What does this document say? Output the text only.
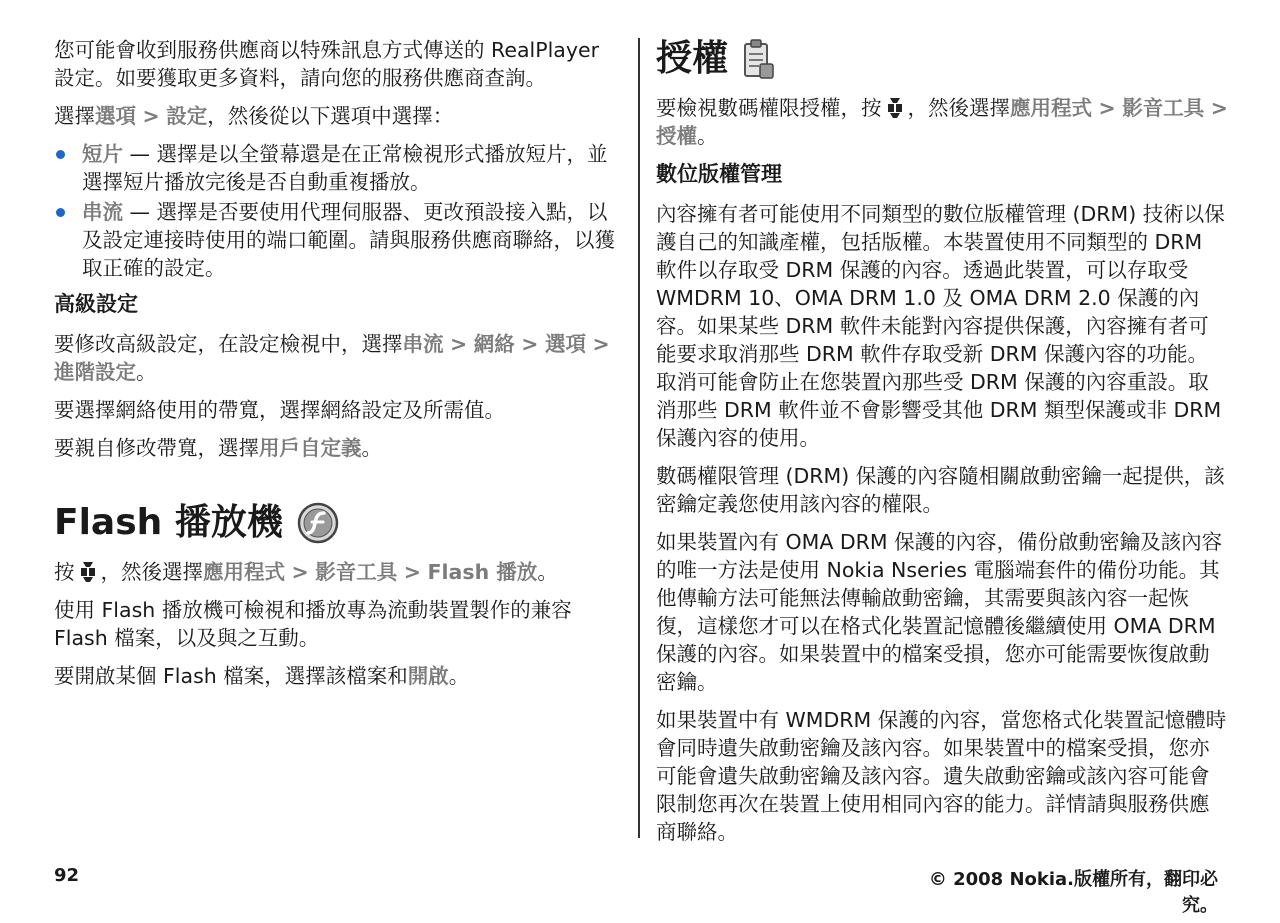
您可能會收到服務供應商以特殊訊息方式傳送的 RealPlayer 設定。如要獲取更多資料，請向您的服務供應商查詢。

選擇選項 > 設定，然後從以下選項中選擇：

短片 — 選擇是以全螢幕還是在正常檢視形式播放短片，並選擇短片播放完後是否自動重複播放。
串流 — 選擇是否要使用代理伺服器、更改預設接入點，以及設定連接時使用的端口範圍。請與服務供應商聯絡，以獲取正確的設定。
高級設定

要修改高級設定，在設定檢視中，選擇串流 > 網絡 > 選項 > 進階設定。

要選擇網絡使用的帶寬，選擇網絡設定及所需值。

要親自修改帶寬，選擇用戶自定義。

Flash 播放機

按 ，然後選擇應用程式 > 影音工具 > Flash 播放。

使用 Flash 播放機可檢視和播放專為流動裝置製作的兼容 Flash 檔案，以及與之互動。

要開啟某個 Flash 檔案，選擇該檔案和開啟。

授權

要檢視數碼權限授權，按 ，然後選擇應用程式 > 影音工具 > 授權。

數位版權管理

內容擁有者可能使用不同類型的數位版權管理 (DRM) 技術以保護自己的知識產權，包括版權。本裝置使用不同類型的 DRM 軟件以存取受 DRM 保護的內容。透過此裝置，可以存取受 WMDRM 10、OMA DRM 1.0 及 OMA DRM 2.0 保護的內容。如果某些 DRM 軟件未能對內容提供保護，內容擁有者可能要求取消那些 DRM 軟件存取受新 DRM 保護內容的功能。取消可能會防止在您裝置內那些受 DRM 保護的內容重設。取消那些 DRM 軟件並不會影響受其他 DRM 類型保護或非 DRM 保護內容的使用。

數碼權限管理 (DRM) 保護的內容隨相關啟動密鑰一起提供，該密鑰定義您使用該內容的權限。

如果裝置內有 OMA DRM 保護的內容，備份啟動密鑰及該內容的唯一方法是使用 Nokia Nseries 電腦端套件的備份功能。其他傳輸方法可能無法傳輸啟動密鑰，其需要與該內容一起恢復，這樣您才可以在格式化裝置記憶體後繼續使用 OMA DRM 保護的內容。如果裝置中的檔案受損，您亦可能需要恢復啟動密鑰。

如果裝置中有 WMDRM 保護的內容，當您格式化裝置記憶體時會同時遺失啟動密鑰及該內容。如果裝置中的檔案受損，您亦可能會遺失啟動密鑰及該內容。遺失啟動密鑰或該內容可能會限制您再次在裝置上使用相同內容的能力。詳情請與服務供應商聯絡。

92	© 2008 Nokia.版權所有，翻印必究。
